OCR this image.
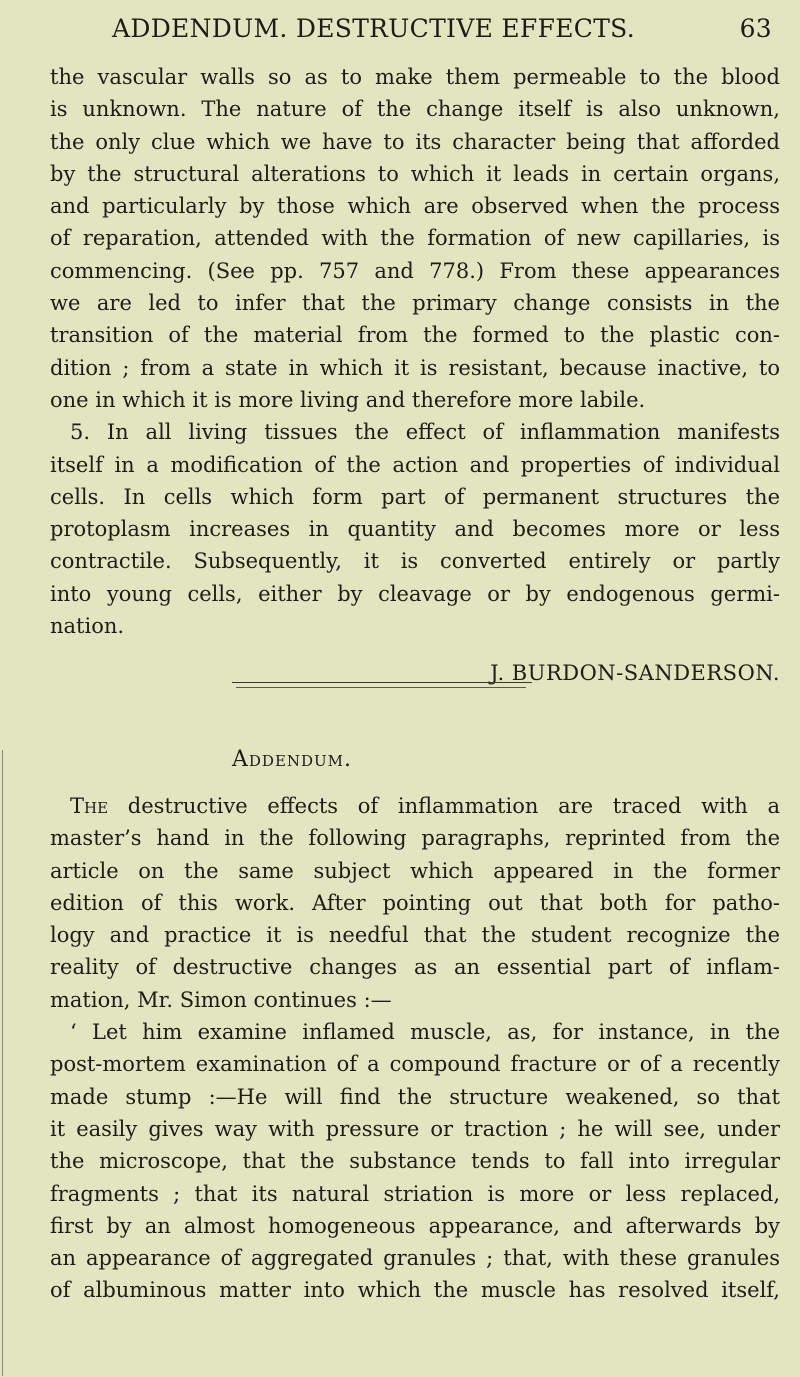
ADDENDUM. DESTRUCTIVE EFFECTS.	63
the vascular walls so as to make them permeable to the blood
is unknown. The nature of the change itself is also unknown,
the only clue which we have to its character being that afforded
by the structural alterations to which it leads in certain organs,
and particularly by those which are observed when the process
of reparation, attended with the formation of new capillaries, is
commencing. (See pp. 757 and 778.) From these appearances
we are led to infer that the primary change consists in the
transition of the material from the formed to the plastic con-
dition ; from a state in which it is resistant, because inactive, to
one in which it is more living and therefore more labile.
5. In all living tissues the effect of inflammation manifests
itself in a modification of the action and properties of individual
cells. In cells which form part of permanent structures the
protoplasm increases in quantity and becomes more or less
contractile. Subsequently, it is converted entirely or partly
into young cells, either by cleavage or by endogenous germi-
nation.
J. BURDON-SANDERSON.
Addendum.
The destructive effects of inflammation are traced with a
master’s hand in the following paragraphs, reprinted from the
article on the same subject which appeared in the former
edition of this work. After pointing out that both for patho-
logy and practice it is needful that the student recognize the
reality of destructive changes as an essential part of inflam-
mation, Mr. Simon continues :—
‘ Let him examine inflamed muscle, as, for instance, in the
post-mortem examination of a compound fracture or of a recently
made stump :—He will find the structure weakened, so that
it easily gives way with pressure or traction ; he will see, under
the microscope, that the substance tends to fall into irregular
fragments ; that its natural striation is more or less replaced,
first by an almost homogeneous appearance, and afterwards by
an appearance of aggregated granules ; that, with these granules
of albuminous matter into which the muscle has resolved itself,
